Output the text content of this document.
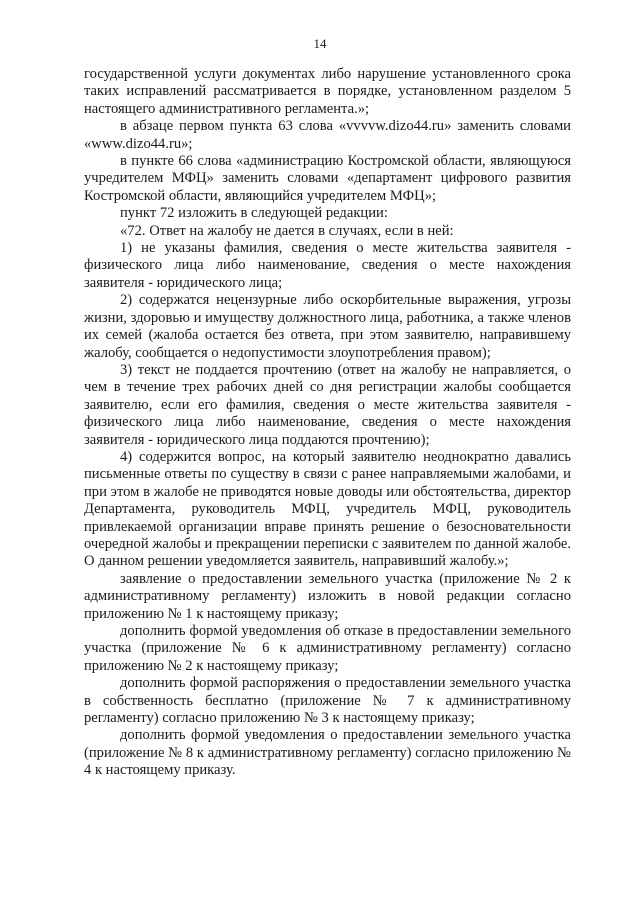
14

государственной услуги документах либо нарушение установленного срока таких исправлений рассматривается в порядке, установленном разделом 5 настоящего административного регламента.»;

в абзаце первом пункта 63 слова «vvvvw.dizo44.ru» заменить словами «www.dizo44.ru»;

в пункте 66 слова «администрацию Костромской области, являющуюся учредителем МФЦ» заменить словами «департамент цифрового развития Костромской области, являющийся учредителем МФЦ»;

пункт 72 изложить в следующей редакции:

«72. Ответ на жалобу не дается в случаях, если в ней:

1) не указаны фамилия, сведения о месте жительства заявителя - физического лица либо наименование, сведения о месте нахождения заявителя - юридического лица;

2) содержатся нецензурные либо оскорбительные выражения, угрозы жизни, здоровью и имуществу должностного лица, работника, а также членов их семей (жалоба остается без ответа, при этом заявителю, направившему жалобу, сообщается о недопустимости злоупотребления правом);

3) текст не поддается прочтению (ответ на жалобу не направляется, о чем в течение трех рабочих дней со дня регистрации жалобы сообщается заявителю, если его фамилия, сведения о месте жительства заявителя - физического лица либо наименование, сведения о месте нахождения заявителя - юридического лица поддаются прочтению);

4) содержится вопрос, на который заявителю неоднократно давались письменные ответы по существу в связи с ранее направляемыми жалобами, и при этом в жалобе не приводятся новые доводы или обстоятельства, директор Департамента, руководитель МФЦ, учредитель МФЦ, руководитель привлекаемой организации вправе принять решение о безосновательности очередной жалобы и прекращении переписки с заявителем по данной жалобе. О данном решении уведомляется заявитель, направивший жалобу.»;

заявление о предоставлении земельного участка (приложение № 2 к административному регламенту) изложить в новой редакции согласно приложению № 1 к настоящему приказу;

дополнить формой уведомления об отказе в предоставлении земельного участка (приложение № 6 к административному регламенту) согласно приложению № 2 к настоящему приказу;

дополнить формой распоряжения о предоставлении земельного участка в собственность бесплатно (приложение № 7 к административному регламенту) согласно приложению № 3 к настоящему приказу;

дополнить формой уведомления о предоставлении земельного участка (приложение № 8 к административному регламенту) согласно приложению № 4 к настоящему приказу.
